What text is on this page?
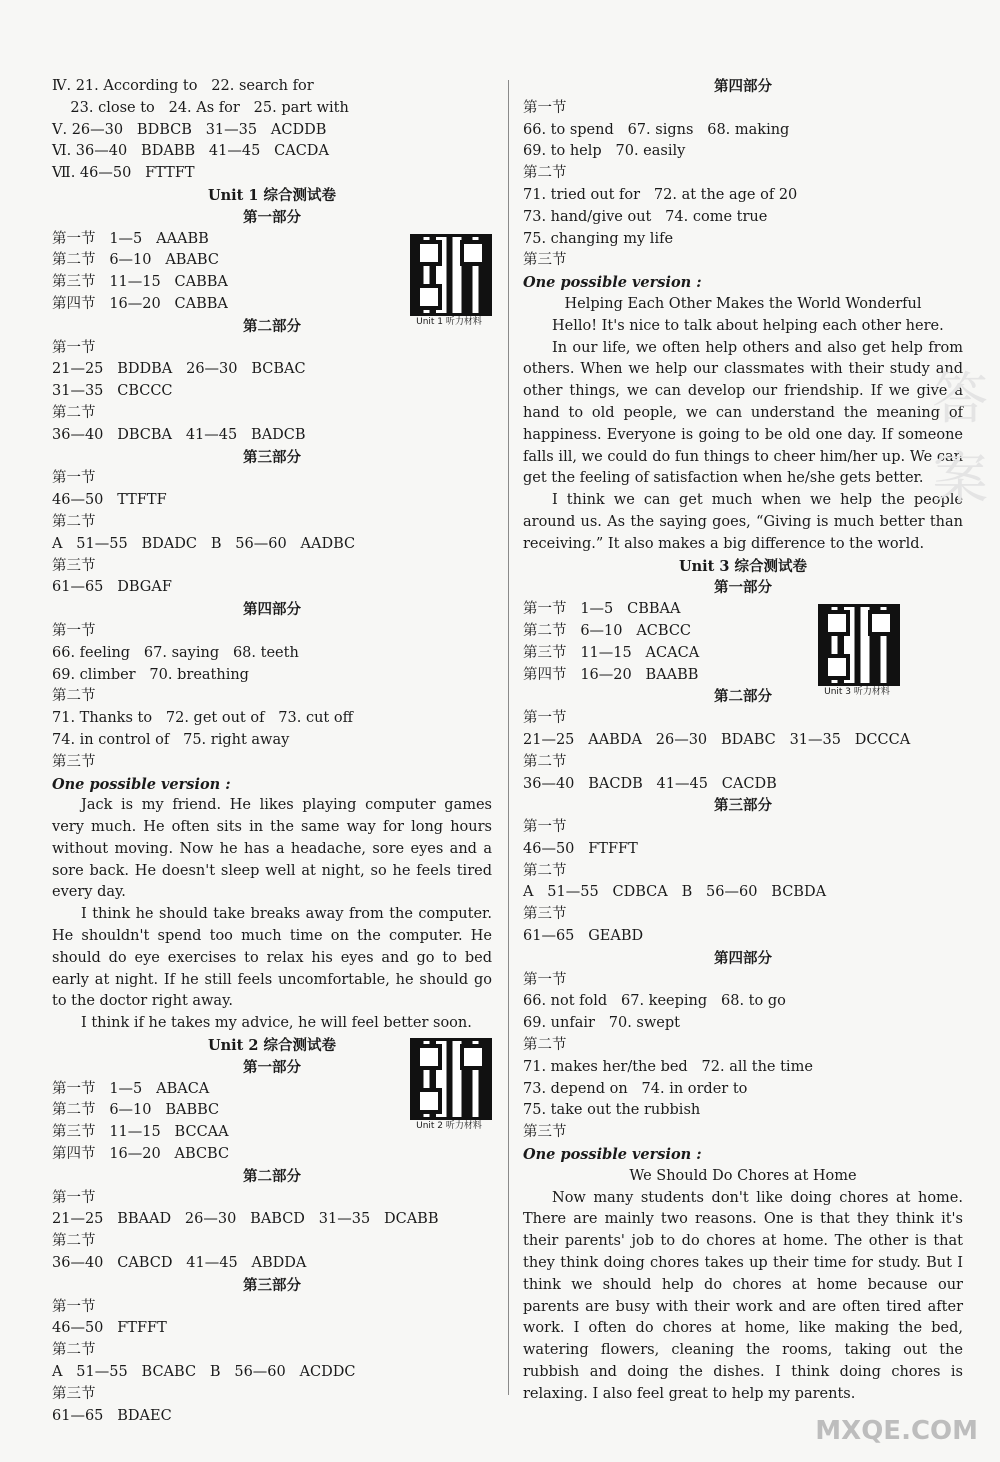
Ⅳ. 21. According to   22. search for
23. close to   24. As for   25. part with
Ⅴ. 26—30   BDBCB   31—35   ACDDB
Ⅵ. 36—40   BDABB   41—45   CACDA
Ⅶ. 46—50   FTTFT
Unit 1 综合测试卷
第一部分
第一节   1—5   AAABB
第二节   6—10   ABABC
第三节   11—15   CABBA
第四节   16—20   CABBA
第二部分
第一节
21—25   BDDBA   26—30   BCBAC
31—35   CBCCC
第二节
36—40   DBCBA   41—45   BADCB
第三部分
第一节
46—50   TTFTF
第二节
A   51—55   BDADC   B   56—60   AADBC
第三节
61—65   DBGAF
第四部分
第一节
66. feeling   67. saying   68. teeth
69. climber   70. breathing
第二节
71. Thanks to   72. get out of   73. cut off
74. in control of   75. right away
第三节
One possible version :

Jack is my friend. He likes playing computer games very much. He often sits in the same way for long hours without moving. Now he has a headache, sore eyes and a sore back. He doesn't sleep well at night, so he feels tired every day.

I think he should take breaks away from the computer. He shouldn't spend too much time on the computer. He should do eye exercises to relax his eyes and go to bed early at night. If he still feels uncomfortable, he should go to the doctor right away.

I think if he takes my advice, he will feel better soon.

Unit 2 综合测试卷
第一部分
第一节   1—5   ABACA
第二节   6—10   BABBC
第三节   11—15   BCCAA
第四节   16—20   ABCBC
第二部分
第一节
21—25   BBAAD   26—30   BABCD   31—35   DCABB
第二节
36—40   CABCD   41—45   ABDDA
第三部分
第一节
46—50   FTFFT
第二节
A   51—55   BCABC   B   56—60   ACDDC
第三节
61—65   BDAEC
Unit 1 听力材料
Unit 2 听力材料
第四部分
第一节
66. to spend   67. signs   68. making
69. to help   70. easily
第二节
71. tried out for   72. at the age of 20
73. hand/give out   74. come true
75. changing my life
第三节
One possible version :
Helping Each Other Makes the World Wonderful

Hello! It's nice to talk about helping each other here.

In our life, we often help others and also get help from others. When we help our classmates with their study and other things, we can develop our friendship. If we give a hand to old people, we can understand the meaning of happiness. Everyone is going to be old one day. If someone falls ill, we could do fun things to cheer him/her up. We can get the feeling of satisfaction when he/she gets better.

I think we can get much when we help the people around us. As the saying goes, “Giving is much better than receiving.” It also makes a big difference to the world.

Unit 3 综合测试卷
第一部分
第一节   1—5   CBBAA
第二节   6—10   ACBCC
第三节   11—15   ACACA
第四节   16—20   BAABB
第二部分
第一节
21—25   AABDA   26—30   BDABC   31—35   DCCCA
第二节
36—40   BACDB   41—45   CACDB
第三部分
第一节
46—50   FTFFT
第二节
A   51—55   CDBCA   B   56—60   BCBDA
第三节
61—65   GEABD
第四部分
第一节
66. not fold   67. keeping   68. to go
69. unfair   70. swept
第二节
71. makes her/the bed   72. all the time
73. depend on   74. in order to
75. take out the rubbish
第三节
One possible version :
We Should Do Chores at Home

Now many students don't like doing chores at home. There are mainly two reasons. One is that they think it's their parents' job to do chores at home. The other is that they think doing chores takes up their time for study. But I think we should help do chores at home because our parents are busy with their work and are often tired after work. I often do chores at home, like making the bed, watering flowers, cleaning the rooms, taking out the rubbish and doing the dishes. I think doing chores is relaxing. I also feel great to help my parents.

Unit 3 听力材料
答案
MXQE.COM
